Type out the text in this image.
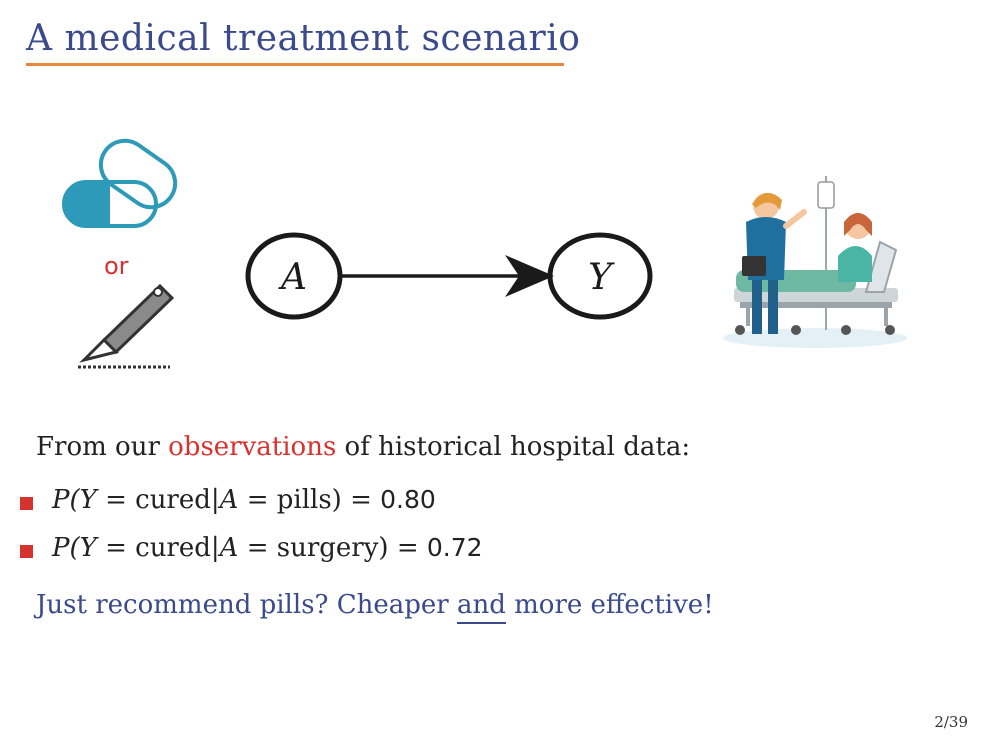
A medical treatment scenario
A	Y
or
From our observations of historical hospital data:
P(Y = cured|A = pills) = 0.80
P(Y = cured|A = surgery) = 0.72
Just recommend pills? Cheaper and more effective!
2/39
